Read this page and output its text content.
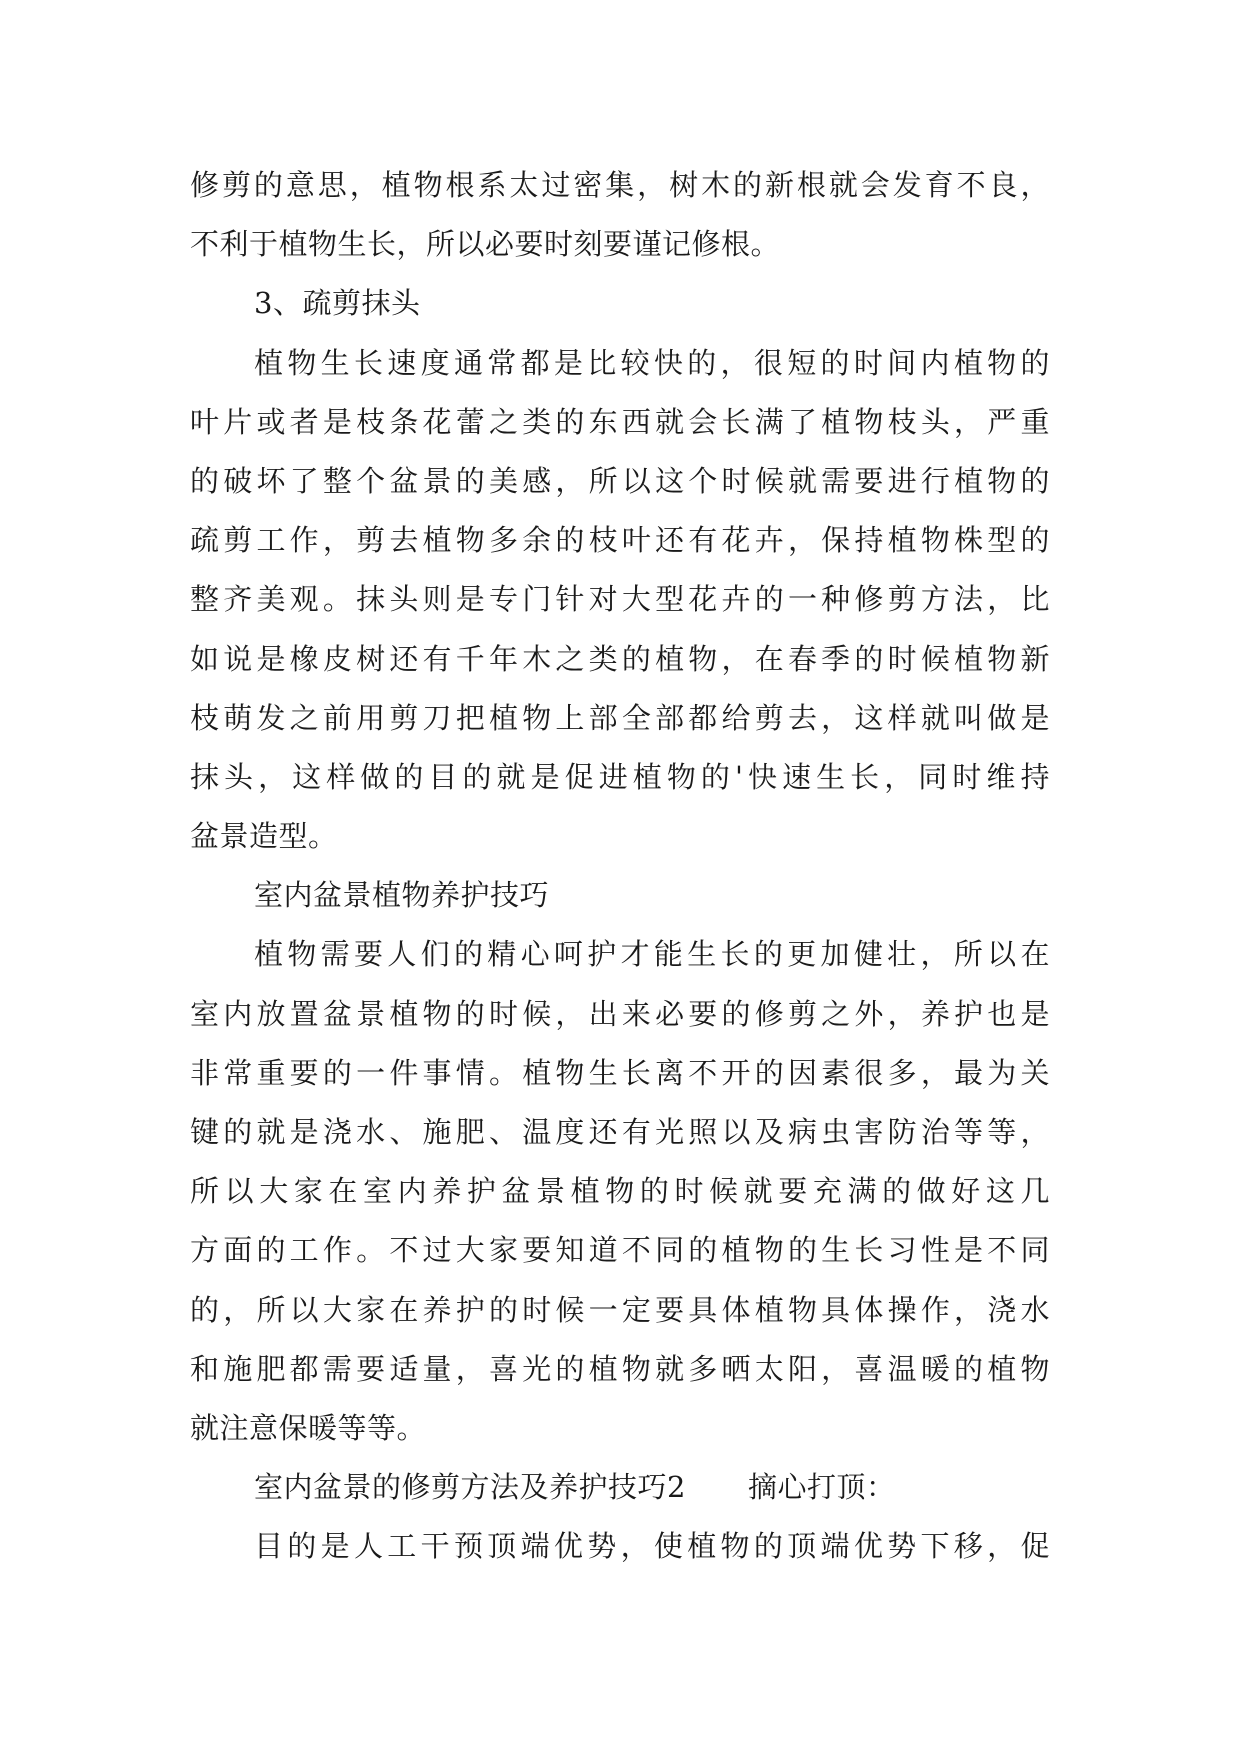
修剪的意思，植物根系太过密集，树木的新根就会发育不良，
不利于植物生长，所以必要时刻要谨记修根。
3、疏剪抹头
植物生长速度通常都是比较快的，很短的时间内植物的
叶片或者是枝条花蕾之类的东西就会长满了植物枝头，严重
的破坏了整个盆景的美感，所以这个时候就需要进行植物的
疏剪工作，剪去植物多余的枝叶还有花卉，保持植物株型的
整齐美观。抹头则是专门针对大型花卉的一种修剪方法，比
如说是橡皮树还有千年木之类的植物，在春季的时候植物新
枝萌发之前用剪刀把植物上部全部都给剪去，这样就叫做是
抹头，这样做的目的就是促进植物的'快速生长，同时维持
盆景造型。
室内盆景植物养护技巧
植物需要人们的精心呵护才能生长的更加健壮，所以在
室内放置盆景植物的时候，出来必要的修剪之外，养护也是
非常重要的一件事情。植物生长离不开的因素很多，最为关
键的就是浇水、施肥、温度还有光照以及病虫害防治等等，
所以大家在室内养护盆景植物的时候就要充满的做好这几
方面的工作。不过大家要知道不同的植物的生长习性是不同
的，所以大家在养护的时候一定要具体植物具体操作，浇水
和施肥都需要适量，喜光的植物就多晒太阳，喜温暖的植物
就注意保暖等等。
室内盆景的修剪方法及养护技巧2 摘心打顶：
目的是人工干预顶端优势，使植物的顶端优势下移，促
